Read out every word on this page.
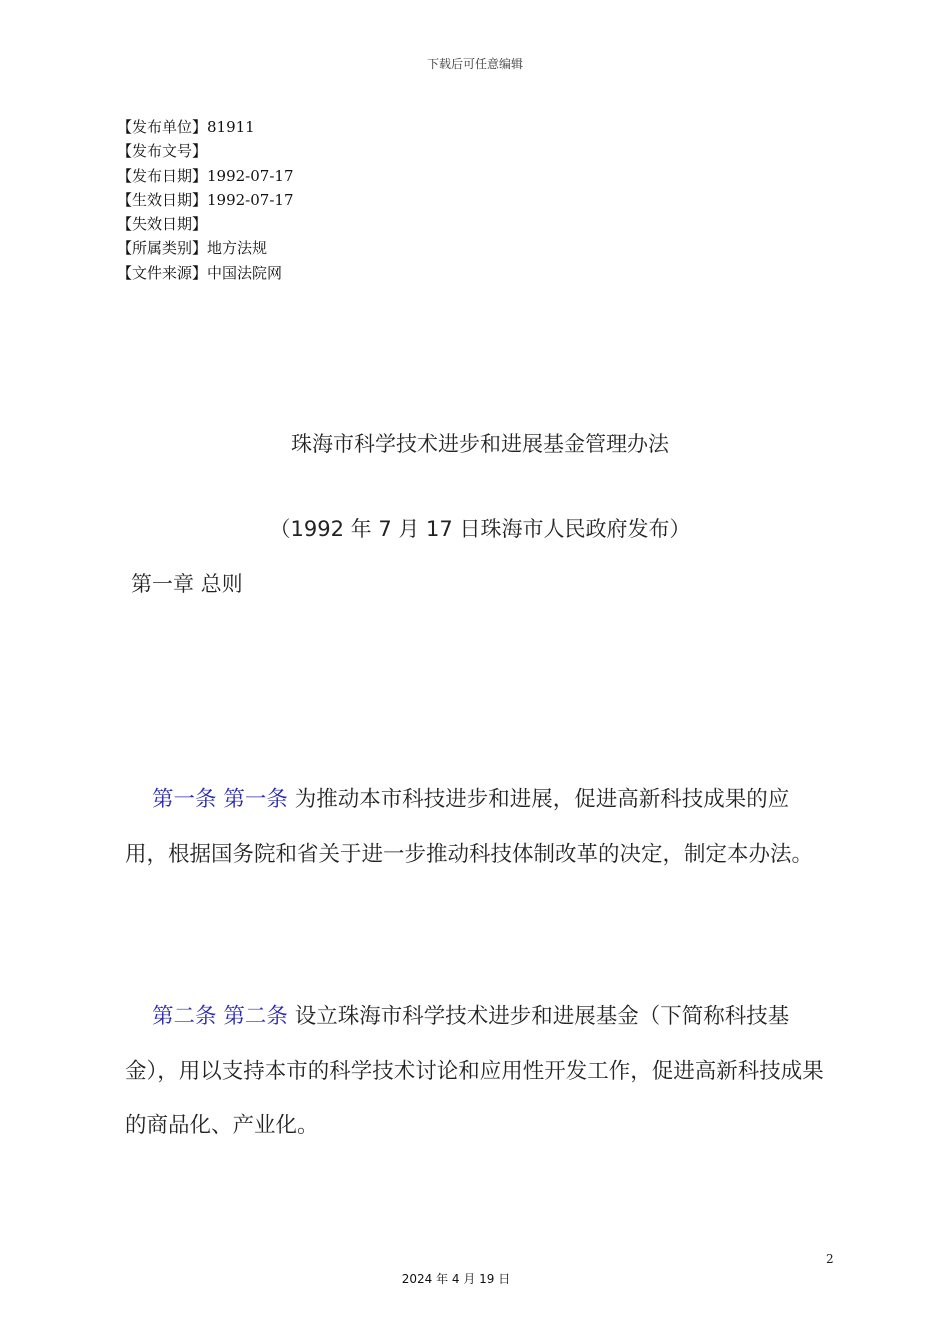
下载后可任意编辑
【发布单位】81911
【发布文号】
【发布日期】1992-07-17
【生效日期】1992-07-17
【失效日期】
【所属类别】地方法规
【文件来源】中国法院网
珠海市科学技术进步和进展基金管理办法
（1992 年 7 月 17 日珠海市人民政府发布）
第一章 总则
第一条 第一条 为推动本市科技进步和进展，促进高新科技成果的应用，根据国务院和省关于进一步推动科技体制改革的决定，制定本办法。
第二条 第二条 设立珠海市科学技术进步和进展基金（下简称科技基金），用以支持本市的科学技术讨论和应用性开发工作，促进高新科技成果的商品化、产业化。
2
2024 年 4 月 19 日
